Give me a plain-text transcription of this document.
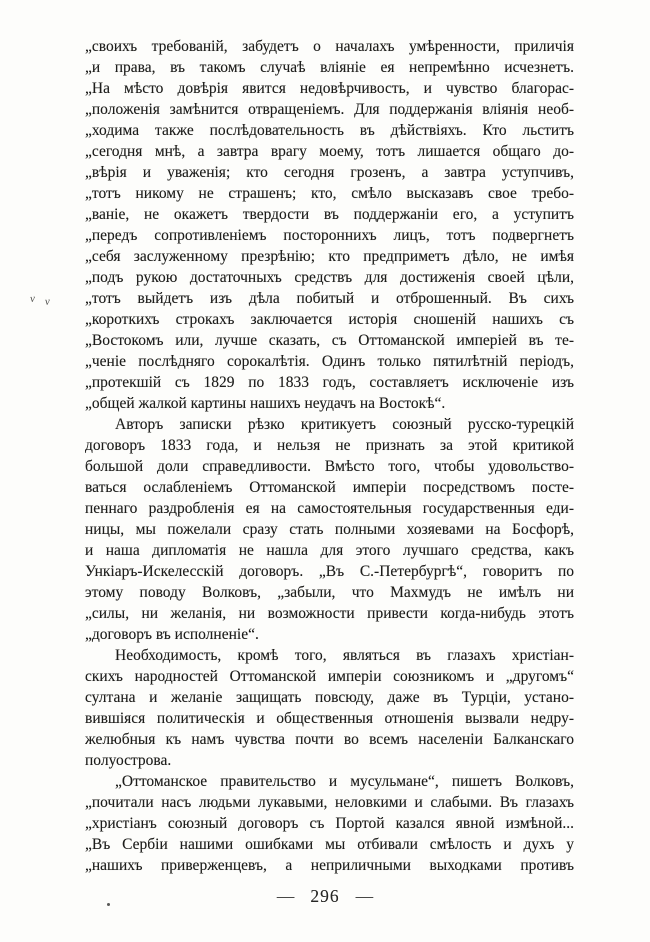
v v
„своихъ требованій, забудетъ о началахъ умѣренности, приличія
„и права, въ такомъ случаѣ вліяніе ея непремѣнно исчезнетъ.
„На мѣсто довѣрія явится недовѣрчивость, и чувство благорас-
„положенія замѣнится отвращеніемъ. Для поддержанія вліянія необ-
„ходима также послѣдовательность въ дѣйствіяхъ. Кто льститъ
„сегодня мнѣ, а завтра врагу моему, тотъ лишается общаго до-
„вѣрія и уваженія; кто сегодня грозенъ, а завтра уступчивъ,
„тотъ никому не страшенъ; кто, смѣло высказавъ свое требо-
„ваніе, не окажетъ твердости въ поддержаніи его, а уступитъ
„передъ сопротивленіемъ постороннихъ лицъ, тотъ подвергнетъ
„себя заслуженному презрѣнію; кто предприметъ дѣло, не имѣя
„подъ рукою достаточныхъ средствъ для достиженія своей цѣли,
„тотъ выйдетъ изъ дѣла побитый и отброшенный. Въ сихъ
„короткихъ строкахъ заключается исторія сношеній нашихъ съ
„Востокомъ или, лучше сказать, съ Оттоманской имперіей въ те-
„ченіе послѣдняго сорокалѣтія. Одинъ только пятилѣтній періодъ,
„протекшій съ 1829 по 1833 годъ, составляетъ исключеніе изъ
„общей жалкой картины нашихъ неудачъ на Востокѣ“.
Авторъ записки рѣзко критикуетъ союзный русско-турецкій
договоръ 1833 года, и нельзя не признать за этой критикой
большой доли справедливости. Вмѣсто того, чтобы удовольство-
ваться ослабленіемъ Оттоманской имперіи посредствомъ посте-
пеннаго раздробленія ея на самостоятельныя государственныя еди-
ницы, мы пожелали сразу стать полными хозяевами на Босфорѣ,
и наша дипломатія не нашла для этого лучшаго средства, какъ
Ункіаръ-Искелесскій договоръ. „Въ С.-Петербургѣ“, говоритъ по
этому поводу Волковъ, „забыли, что Махмудъ не имѣлъ ни
„силы, ни желанія, ни возможности привести когда-нибудь этотъ
„договоръ въ исполненіе“.
Необходимость, кромѣ того, являться въ глазахъ христіан-
скихъ народностей Оттоманской имперіи союзникомъ и „другомъ“
султана и желаніе защищать повсюду, даже въ Турціи, устано-
вившіяся политическія и общественныя отношенія вызвали недру-
желюбныя къ намъ чувства почти во всемъ населеніи Балканскаго
полуострова.
„Оттоманское правительство и мусульмане“, пишетъ Волковъ,
„почитали насъ людьми лукавыми, неловкими и слабыми. Въ глазахъ
„христіанъ союзный договоръ съ Портой казался явной измѣной...
„Въ Сербіи нашими ошибками мы отбивали смѣлость и духъ у
„нашихъ приверженцевъ, а неприличными выходками противъ
— 296 —
